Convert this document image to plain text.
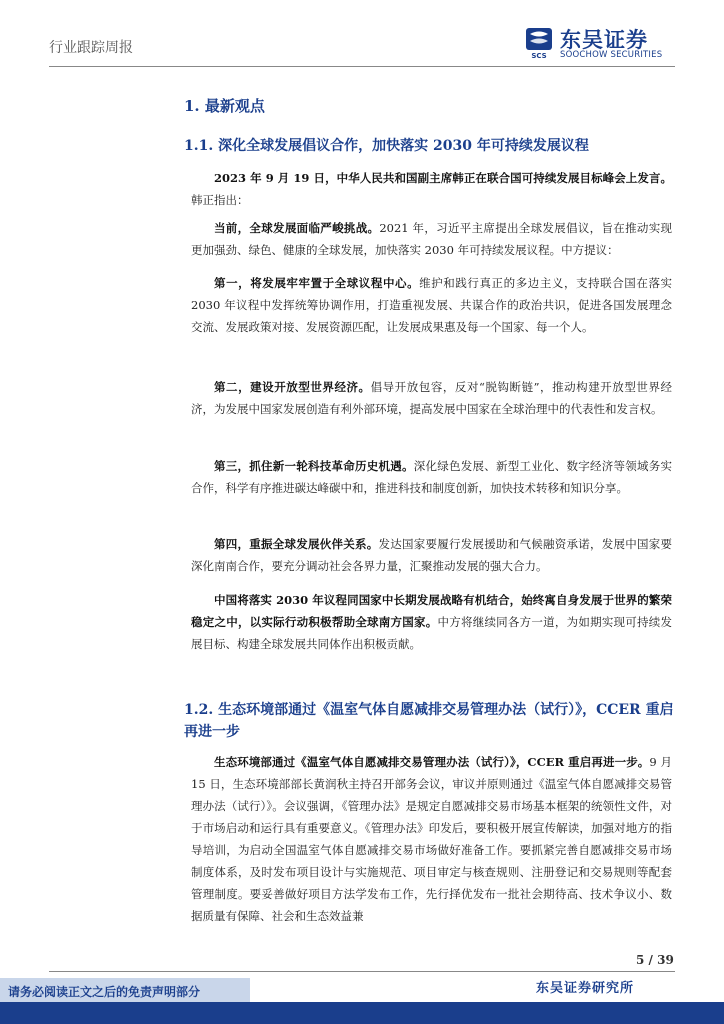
行业跟踪周报	SCS
东吴证券
SOOCHOW SECURITIES
1. 最新观点
1.1. 深化全球发展倡议合作，加快落实 2030 年可持续发展议程
2023 年 9 月 19 日，中华人民共和国副主席韩正在联合国可持续发展目标峰会上发言。韩正指出：
当前，全球发展面临严峻挑战。2021 年，习近平主席提出全球发展倡议，旨在推动实现更加强劲、绿色、健康的全球发展，加快落实 2030 年可持续发展议程。中方提议：
第一，将发展牢牢置于全球议程中心。维护和践行真正的多边主义，支持联合国在落实 2030 年议程中发挥统筹协调作用，打造重视发展、共谋合作的政治共识，促进各国发展理念交流、发展政策对接、发展资源匹配，让发展成果惠及每一个国家、每一个人。
第二，建设开放型世界经济。倡导开放包容，反对“脱钩断链”，推动构建开放型世界经济，为发展中国家发展创造有利外部环境，提高发展中国家在全球治理中的代表性和发言权。
第三，抓住新一轮科技革命历史机遇。深化绿色发展、新型工业化、数字经济等领域务实合作，科学有序推进碳达峰碳中和，推进科技和制度创新，加快技术转移和知识分享。
第四，重振全球发展伙伴关系。发达国家要履行发展援助和气候融资承诺，发展中国家要深化南南合作，要充分调动社会各界力量，汇聚推动发展的强大合力。
中国将落实 2030 年议程同国家中长期发展战略有机结合，始终寓自身发展于世界的繁荣稳定之中，以实际行动积极帮助全球南方国家。中方将继续同各方一道，为如期实现可持续发展目标、构建全球发展共同体作出积极贡献。
1.2. 生态环境部通过《温室气体自愿减排交易管理办法（试行）》，CCER 重启再进一步
生态环境部通过《温室气体自愿减排交易管理办法（试行）》，CCER 重启再进一步。9 月 15 日，生态环境部部长黄润秋主持召开部务会议，审议并原则通过《温室气体自愿减排交易管理办法（试行）》。会议强调，《管理办法》是规定自愿减排交易市场基本框架的统领性文件，对于市场启动和运行具有重要意义。《管理办法》印发后，要积极开展宣传解读，加强对地方的指导培训，为启动全国温室气体自愿减排交易市场做好准备工作。要抓紧完善自愿减排交易市场制度体系，及时发布项目设计与实施规范、项目审定与核查规则、注册登记和交易规则等配套管理制度。要妥善做好项目方法学发布工作，先行择优发布一批社会期待高、技术争议小、数据质量有保障、社会和生态效益兼
5 / 39
请务必阅读正文之后的免责声明部分	东吴证券研究所
